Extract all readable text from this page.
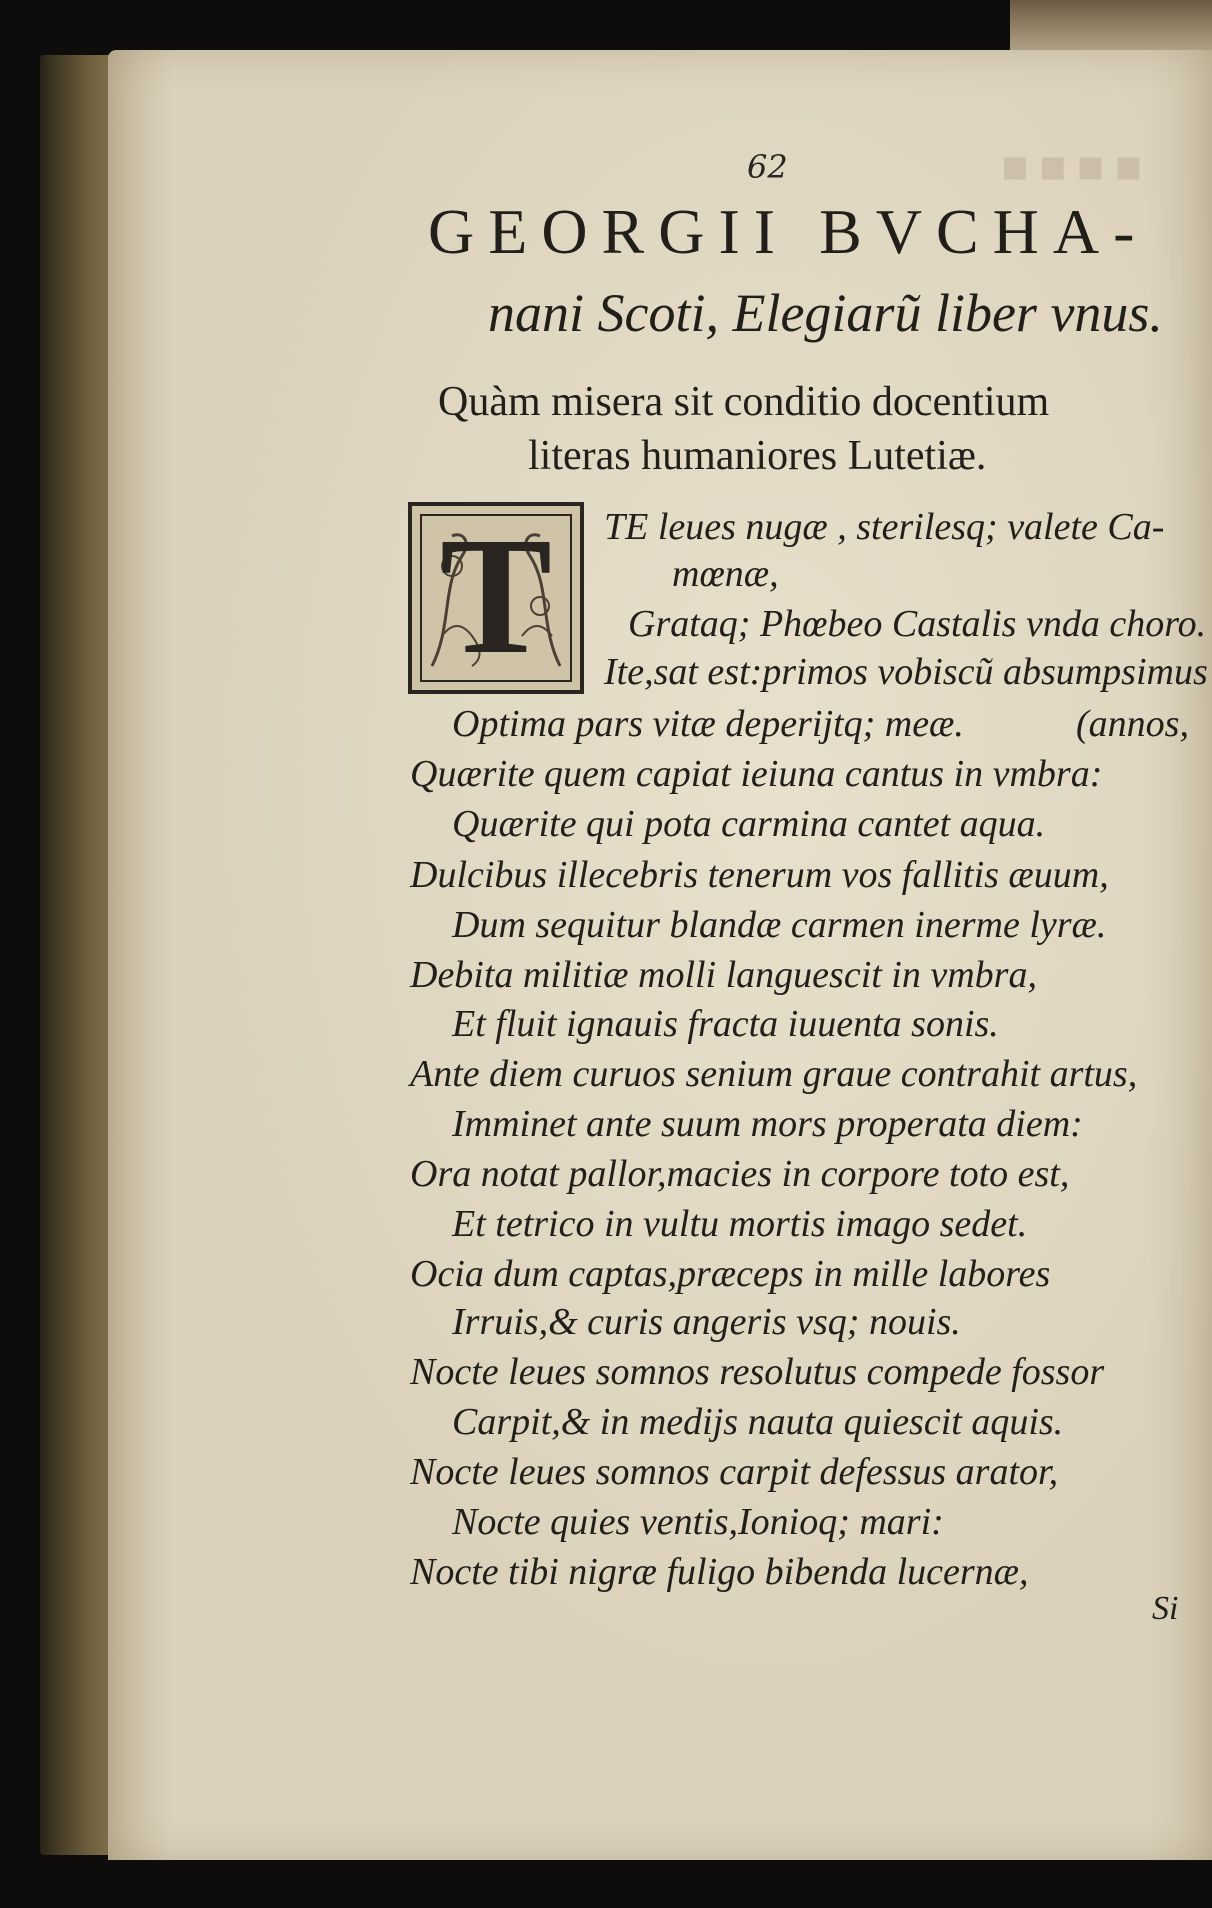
62
GEORGII BVCHA-
nani Scoti, Elegiarũ liber vnus.
Quàm misera sit conditio docentium
literas humaniores Lutetiæ.
T	TE leues nugæ , sterilesq; valete Ca-
mœnæ,
Grataq; Phœbeo Castalis vnda choro.
Ite,sat est:primos vobiscũ absumpsimus
Optima pars vitæ deperijtq; meæ.	(annos,
Quærite quem capiat ieiuna cantus in vmbra:
Quærite qui pota carmina cantet aqua.
Dulcibus illecebris tenerum vos fallitis æuum,
Dum sequitur blandæ carmen inerme lyræ.
Debita militiæ molli languescit in vmbra,
Et fluit ignauis fracta iuuenta sonis.
Ante diem curuos senium graue contrahit artus,
Imminet ante suum mors properata diem:
Ora notat pallor,macies in corpore toto est,
Et tetrico in vultu mortis imago sedet.
Ocia dum captas,præceps in mille labores
Irruis,& curis angeris vsq; nouis.
Nocte leues somnos resolutus compede fossor
Carpit,& in medijs nauta quiescit aquis.
Nocte leues somnos carpit defessus arator,
Nocte quies ventis,Ionioq; mari:
Nocte tibi nigræ fuligo bibenda lucernæ,
Si
